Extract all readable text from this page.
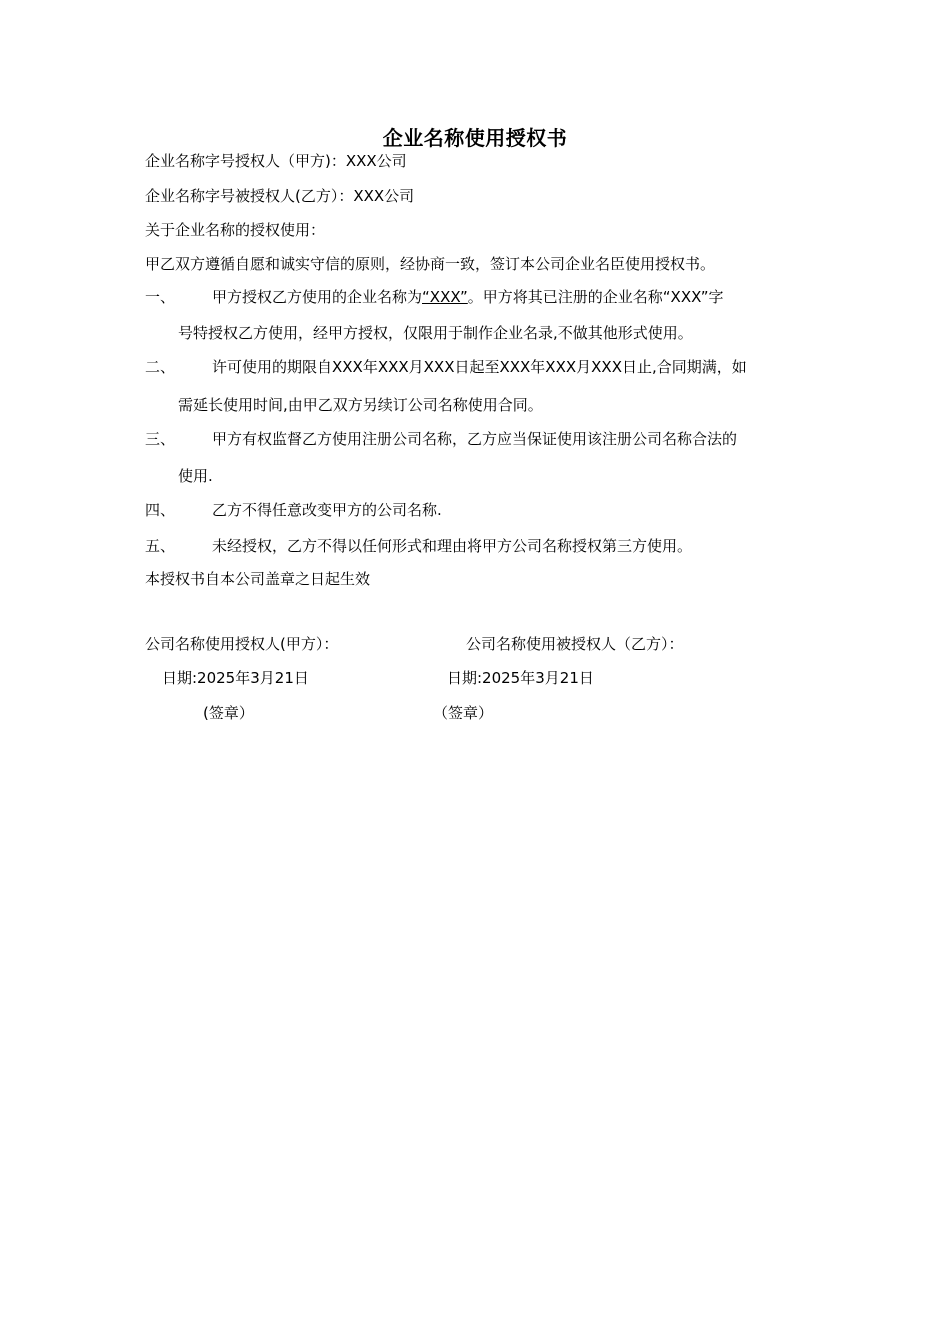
企业名称使用授权书
企业名称字号授权人（甲方)：XXX公司
企业名称字号被授权人(乙方）：XXX公司
关于企业名称的授权使用：
甲乙双方遵循自愿和诚实守信的原则，经协商一致，签订本公司企业名臣使用授权书。
一、 甲方授权乙方使用的企业名称为“XXX”。甲方将其已注册的企业名称“XXX”字
号特授权乙方使用，经甲方授权，仅限用于制作企业名录,不做其他形式使用。
二、 许可使用的期限自XXX年XXX月XXX日起至XXX年XXX月XXX日止,合同期满，如
需延长使用时间,由甲乙双方另续订公司名称使用合同。
三、 甲方有权监督乙方使用注册公司名称，乙方应当保证使用该注册公司名称合法的
使用.
四、 乙方不得任意改变甲方的公司名称.
五、 未经授权，乙方不得以任何形式和理由将甲方公司名称授权第三方使用。
本授权书自本公司盖章之日起生效
公司名称使用授权人(甲方）：	公司名称使用被授权人（乙方）：
日期:2025年3月21日	日期:2025年3月21日
(签章）	（签章）
